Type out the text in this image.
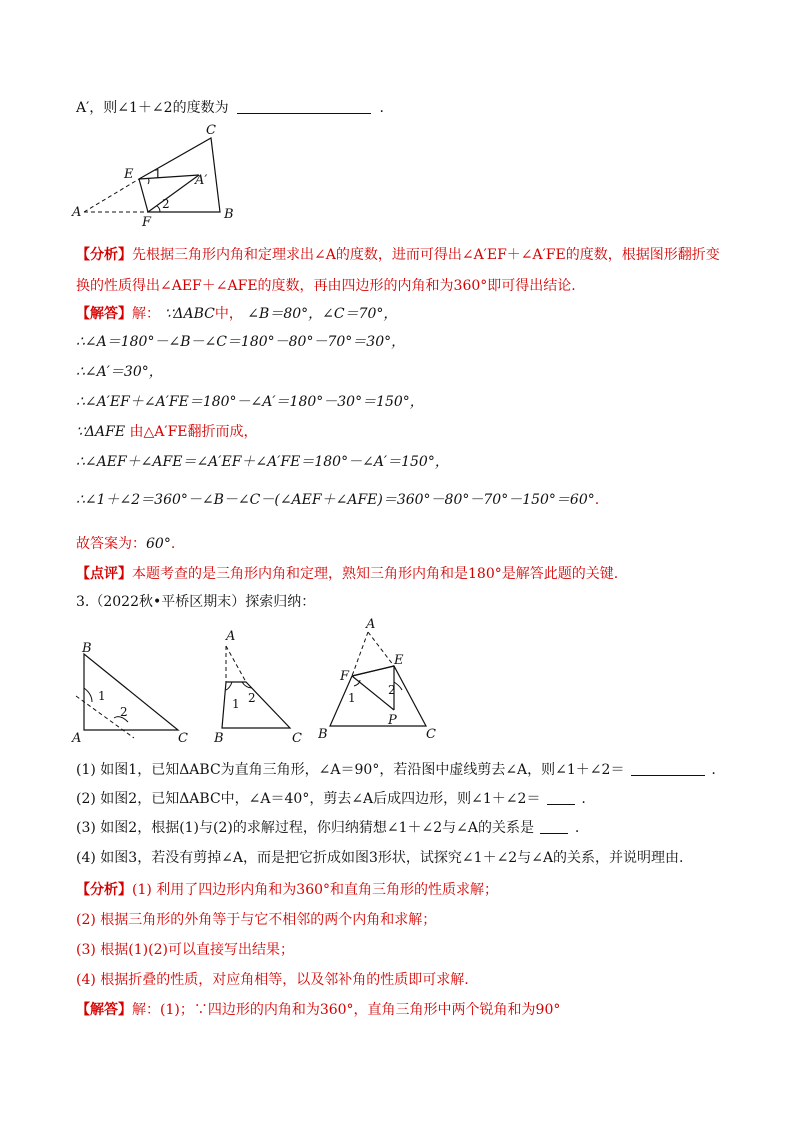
A′，则∠1＋∠2的度数为	.
C
E	A′
A
F
B
1
2
【分析】先根据三角形内角和定理求出∠A的度数，进而可得出∠A′EF＋∠A′FE的度数，根据图形翻折变
换的性质得出∠AEF＋∠AFE的度数，再由四边形的内角和为360°即可得出结论.
【解答】解： ∵ΔABC中， ∠B＝80°，∠C＝70°，
∴∠A＝180°－∠B－∠C＝180°－80°－70°＝30°，
∴∠A′＝30°，
∴∠A′EF＋∠A′FE＝180°－∠A′＝180°－30°＝150°，
∵ΔAFE 由△A′FE翻折而成，
∴∠AEF＋∠AFE＝∠A′EF＋∠A′FE＝180°－∠A′＝150°，
∴∠1＋∠2＝360°－∠B－∠C－(∠AEF＋∠AFE)＝360°－80°－70°－150°＝60°.
故答案为：60°.
【点评】本题考查的是三角形内角和定理，熟知三角形内角和是180°是解答此题的关键.
3.（2022秋•平桥区期末）探索归纳：
B
A	C
1
2
A
B	C
1 2
A
E
F
P
B	C
1
2
(1) 如图1，已知ΔABC为直角三角形，∠A＝90°，若沿图中虚线剪去∠A，则∠1＋∠2＝	.
(2) 如图2，已知ΔABC中，∠A＝40°，剪去∠A后成四边形，则∠1＋∠2＝	.
(3) 如图2，根据(1)与(2)的求解过程，你归纳猜想∠1＋∠2与∠A的关系是	.
(4) 如图3，若没有剪掉∠A，而是把它折成如图3形状，试探究∠1＋∠2与∠A的关系，并说明理由.
【分析】(1) 利用了四边形内角和为360°和直角三角形的性质求解；
(2) 根据三角形的外角等于与它不相邻的两个内角和求解；
(3) 根据(1)(2)可以直接写出结果；
(4) 根据折叠的性质，对应角相等，以及邻补角的性质即可求解.
【解答】解：(1)；∵四边形的内角和为360°，直角三角形中两个锐角和为90°
